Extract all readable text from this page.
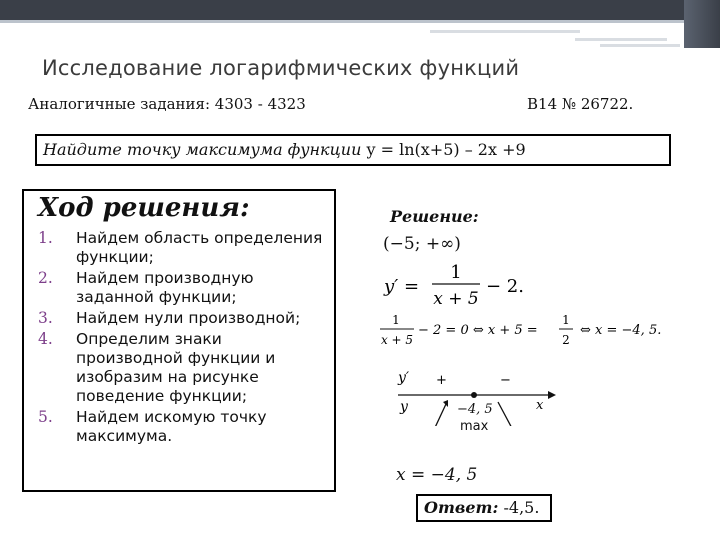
Исследование логарифмических функций
Аналогичные задания: 4303 - 4323	B14 № 26722.
Найдите точку максимума функции y = ln(x+5) – 2x +9
Ход решения:
1. Найдем область определения функции;
2. Найдем производную заданной функции;
3. Найдем нули производной;
4. Определим знаки производной функции и изобразим на рисунке поведение функции;
5. Найдем искомую точку максимума.
Решение:
(−5; +∞)
y′ =
1
x + 5
− 2.
1
x + 5
− 2 = 0 ⇔ x + 5 =
1
2
⇔ x = −4, 5.
y′
y	x
+	−
−4, 5
max
x = −4, 5
Ответ: -4,5.
